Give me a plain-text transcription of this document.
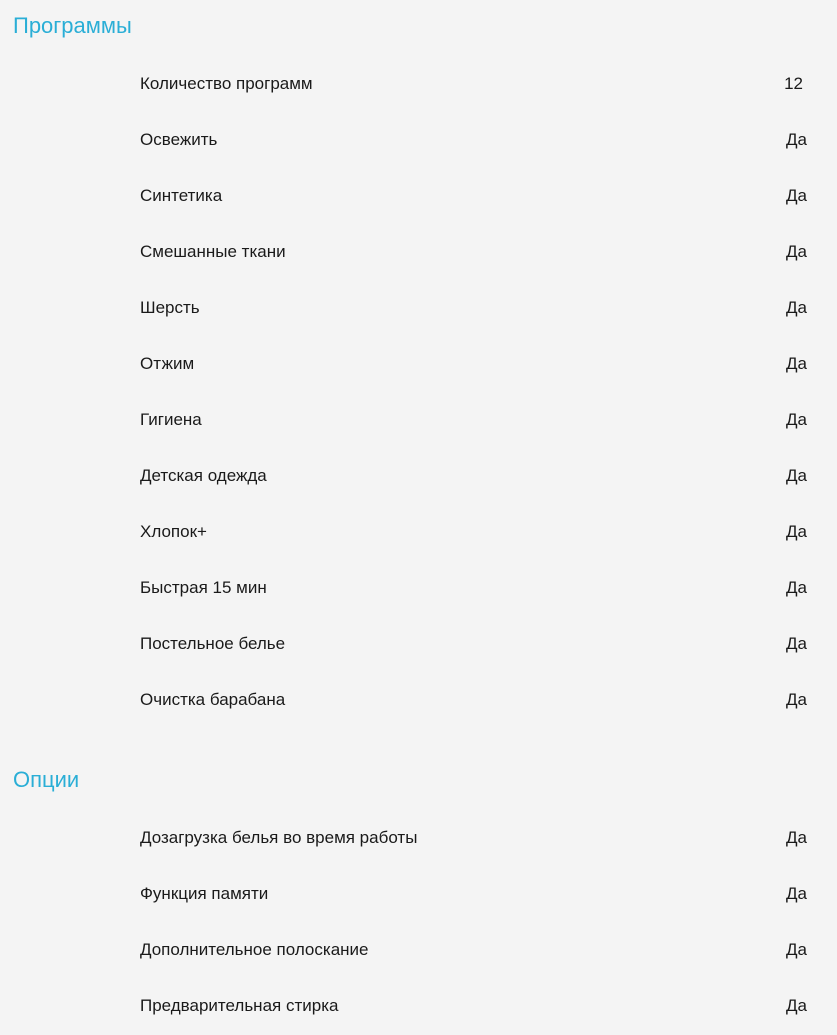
Программы
Количество программ	12
Освежить	Да
Синтетика	Да
Смешанные ткани	Да
Шерсть	Да
Отжим	Да
Гигиена	Да
Детская одежда	Да
Хлопок+	Да
Быстрая 15 мин	Да
Постельное белье	Да
Очистка барабана	Да
Опции
Дозагрузка белья во время работы	Да
Функция памяти	Да
Дополнительное полоскание	Да
Предварительная стирка	Да
